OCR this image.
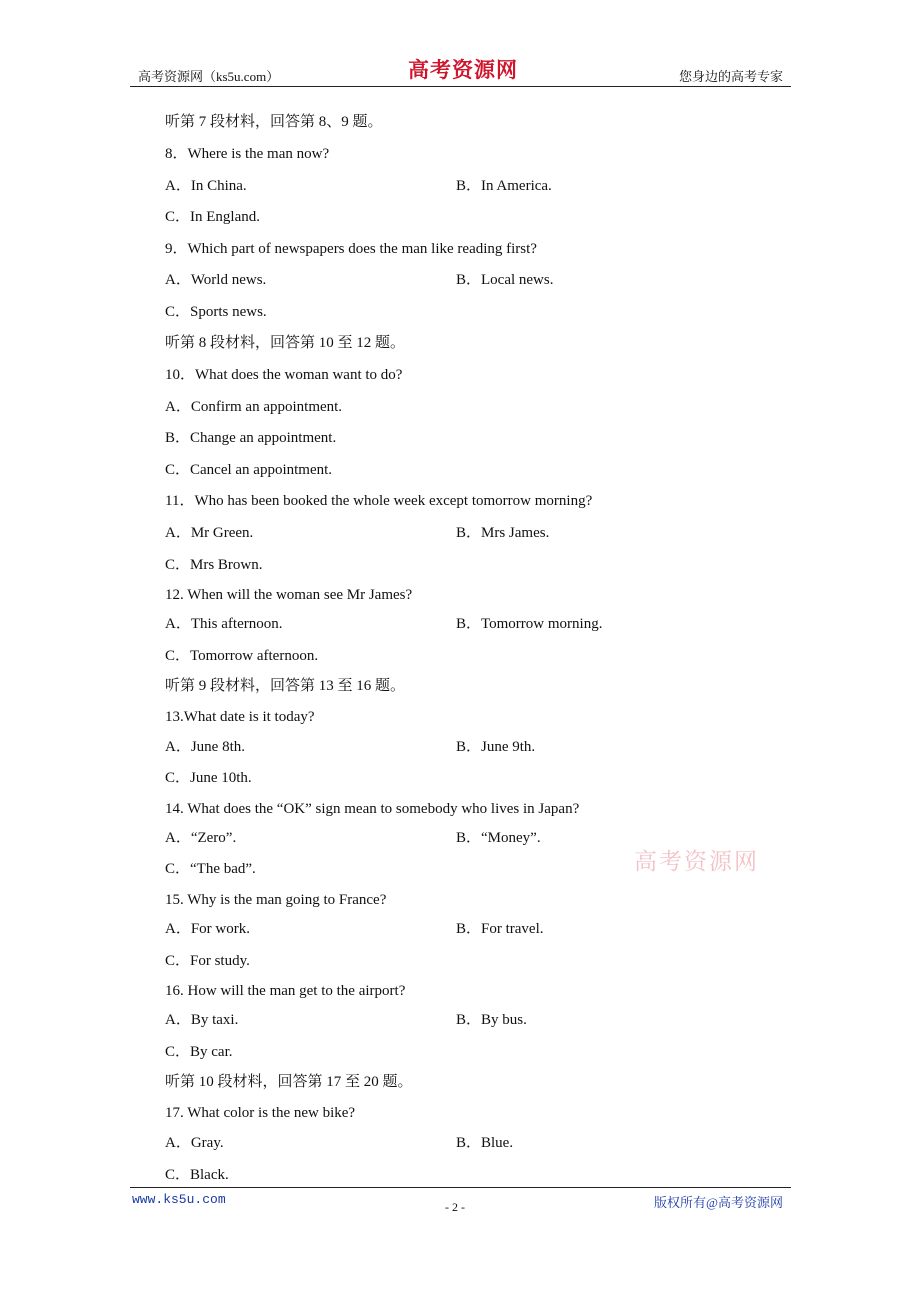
高考资源网（ks5u.com）	高考资源网	您身边的高考专家
听第 7 段材料，回答第 8、9 题。
8．Where is the man now?
A．In China.	B．In America.
C．In England.
9．Which part of newspapers does the man like reading first?
A．World news.	B．Local news.
C．Sports news.
听第 8 段材料，回答第 10 至 12 题。
10．What does the woman want to do?
A．Confirm an appointment.
B．Change an appointment.
C．Cancel an appointment.
11．Who has been booked the whole week except tomorrow morning?
A．Mr Green.	B．Mrs James.
C．Mrs Brown.
12. When will the woman see Mr James?
A．This afternoon.	B．Tomorrow morning.
C．Tomorrow afternoon.
听第 9 段材料，回答第 13 至 16 题。
13.What date is it today?
A．June 8th.	B．June 9th.
C．June 10th.
14. What does the “OK” sign mean to somebody who lives in Japan?
A．“Zero”.	B．“Money”.
C．“The bad”.
15. Why is the man going to France?
A．For work.	B．For travel.
C．For study.
16. How will the man get to the airport?
A．By taxi.	B．By bus.
C．By car.
听第 10 段材料，回答第 17 至 20 题。
17. What color is the new bike?
A．Gray.	B．Blue.
C．Black.
高考资源网
www.ks5u.com	- 2 -	版权所有@高考资源网
